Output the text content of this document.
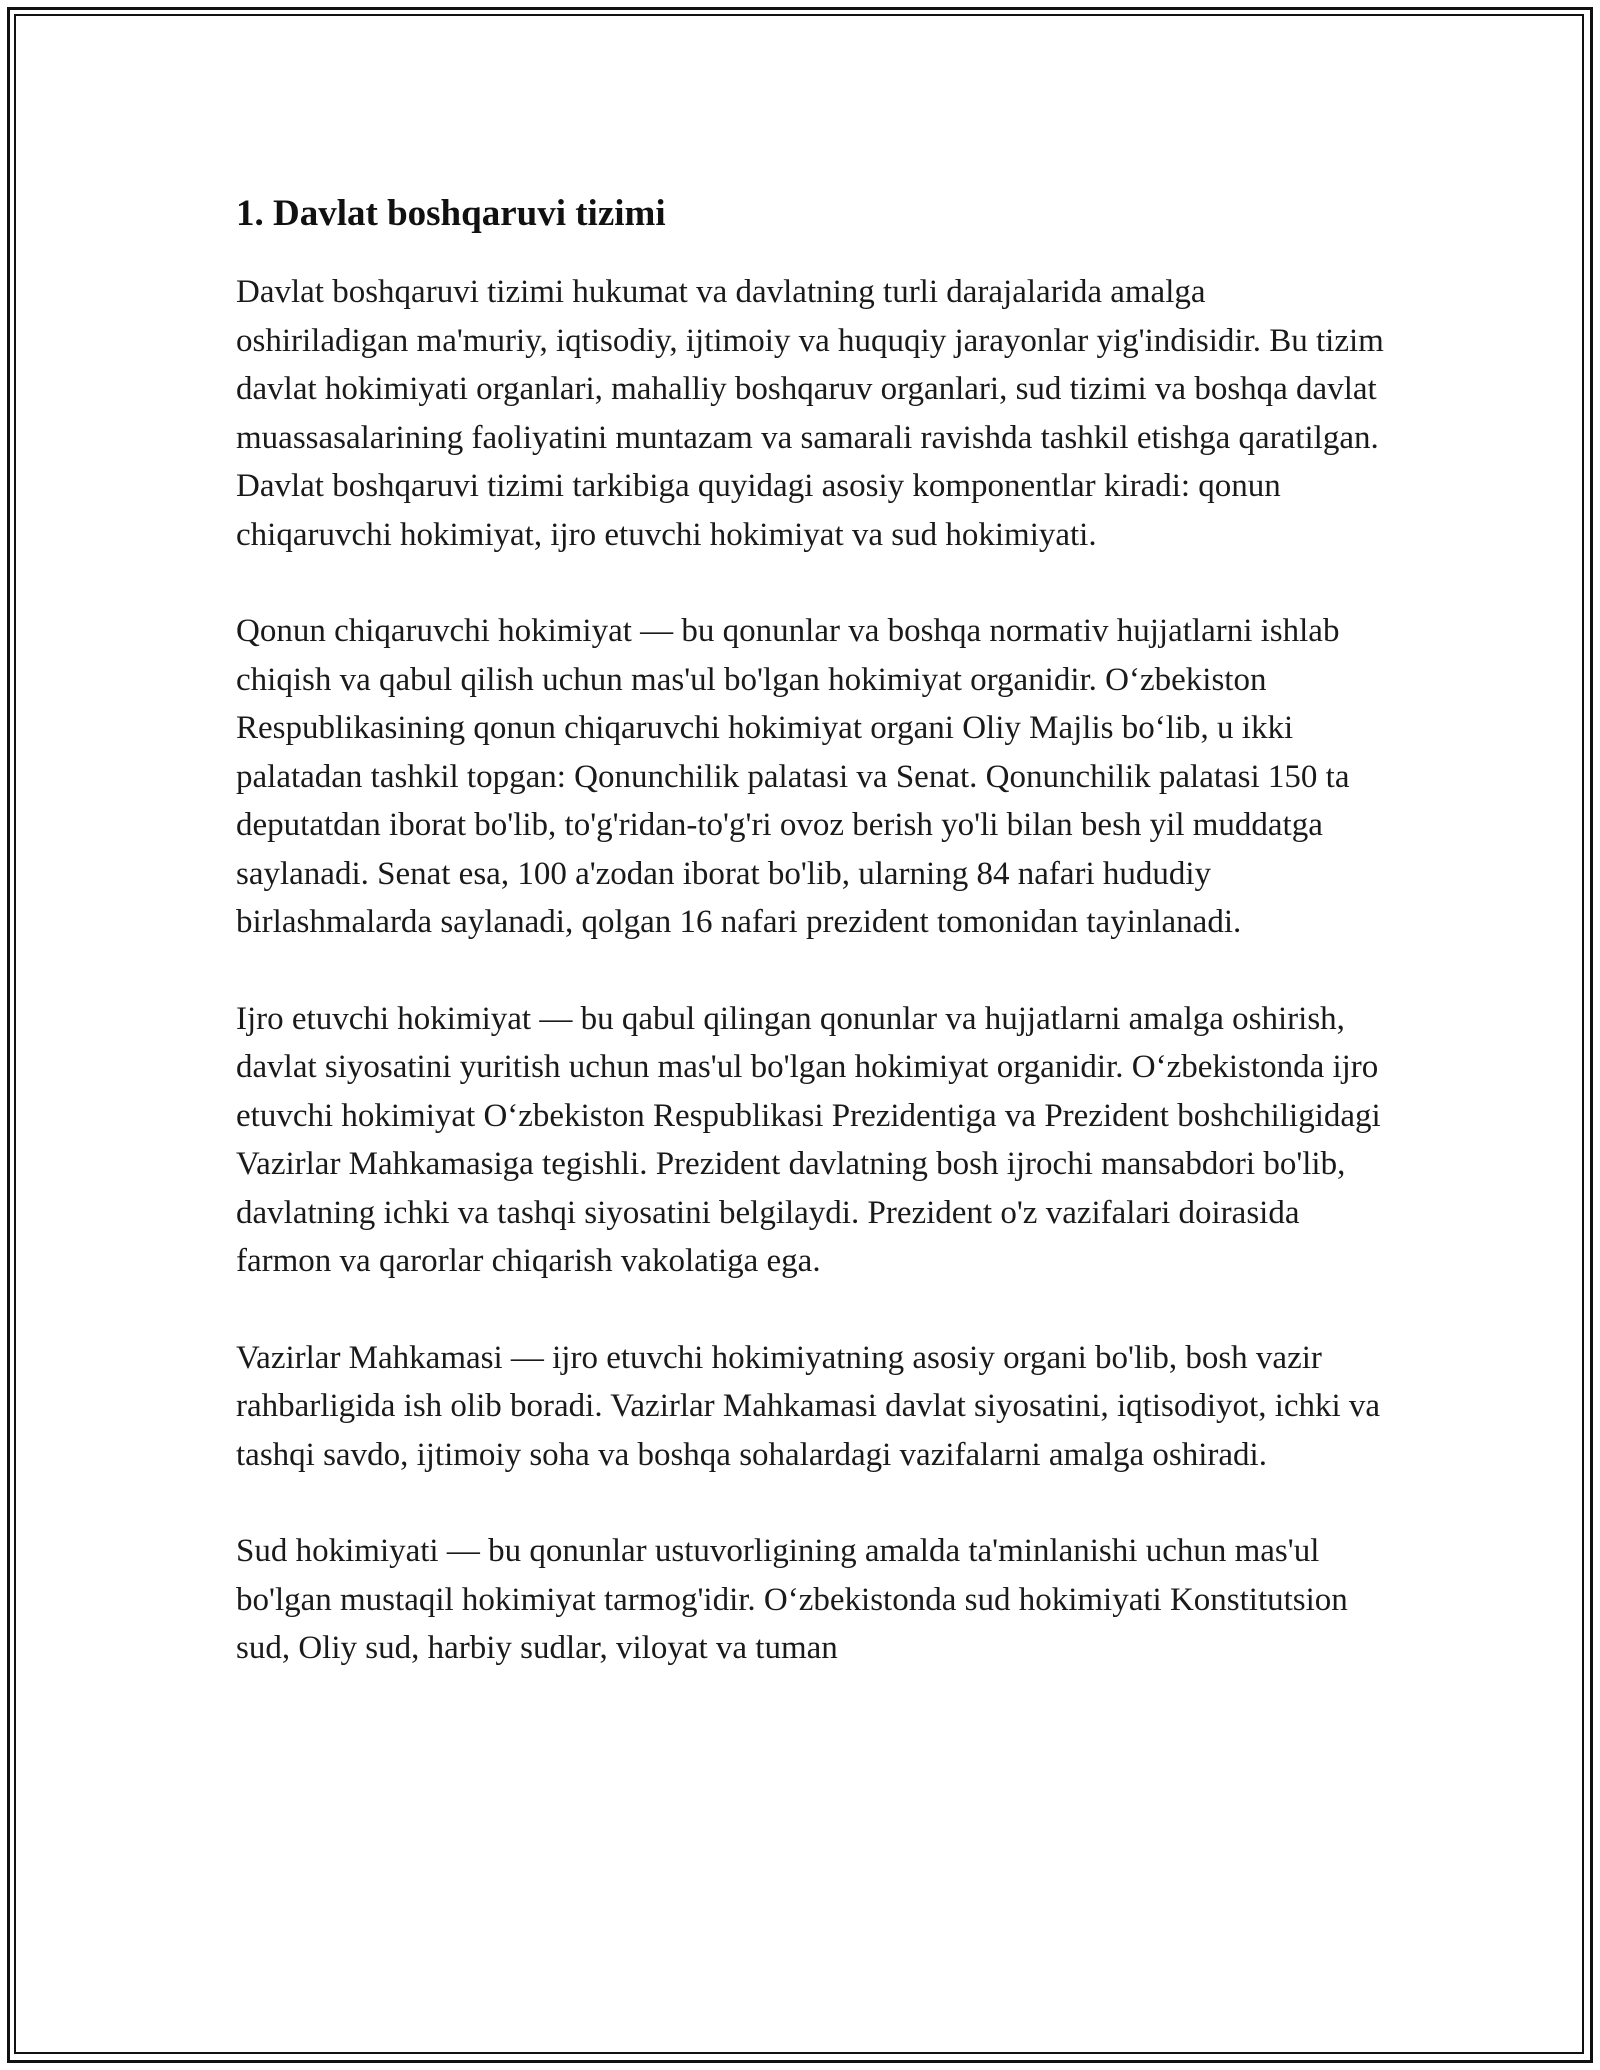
1. Davlat boshqaruvi tizimi

Davlat boshqaruvi tizimi hukumat va davlatning turli darajalarida amalga oshiriladigan ma'muriy, iqtisodiy, ijtimoiy va huquqiy jarayonlar yig'indisidir. Bu tizim davlat hokimiyati organlari, mahalliy boshqaruv organlari, sud tizimi va boshqa davlat muassasalarining faoliyatini muntazam va samarali ravishda tashkil etishga qaratilgan. Davlat boshqaruvi tizimi tarkibiga quyidagi asosiy komponentlar kiradi: qonun chiqaruvchi hokimiyat, ijro etuvchi hokimiyat va sud hokimiyati.

Qonun chiqaruvchi hokimiyat — bu qonunlar va boshqa normativ hujjatlarni ishlab chiqish va qabul qilish uchun mas'ul bo'lgan hokimiyat organidir. O‘zbekiston Respublikasining qonun chiqaruvchi hokimiyat organi Oliy Majlis bo‘lib, u ikki palatadan tashkil topgan: Qonunchilik palatasi va Senat. Qonunchilik palatasi 150 ta deputatdan iborat bo'lib, to'g'ridan-to'g'ri ovoz berish yo'li bilan besh yil muddatga saylanadi. Senat esa, 100 a'zodan iborat bo'lib, ularning 84 nafari hududiy birlashmalarda saylanadi, qolgan 16 nafari prezident tomonidan tayinlanadi.

Ijro etuvchi hokimiyat — bu qabul qilingan qonunlar va hujjatlarni amalga oshirish, davlat siyosatini yuritish uchun mas'ul bo'lgan hokimiyat organidir. O‘zbekistonda ijro etuvchi hokimiyat O‘zbekiston Respublikasi Prezidentiga va Prezident boshchiligidagi Vazirlar Mahkamasiga tegishli. Prezident davlatning bosh ijrochi mansabdori bo'lib, davlatning ichki va tashqi siyosatini belgilaydi. Prezident o'z vazifalari doirasida farmon va qarorlar chiqarish vakolatiga ega.

Vazirlar Mahkamasi — ijro etuvchi hokimiyatning asosiy organi bo'lib, bosh vazir rahbarligida ish olib boradi. Vazirlar Mahkamasi davlat siyosatini, iqtisodiyot, ichki va tashqi savdo, ijtimoiy soha va boshqa sohalardagi vazifalarni amalga oshiradi.

Sud hokimiyati — bu qonunlar ustuvorligining amalda ta'minlanishi uchun mas'ul bo'lgan mustaqil hokimiyat tarmog'idir. O‘zbekistonda sud hokimiyati Konstitutsion sud, Oliy sud, harbiy sudlar, viloyat va tuman
